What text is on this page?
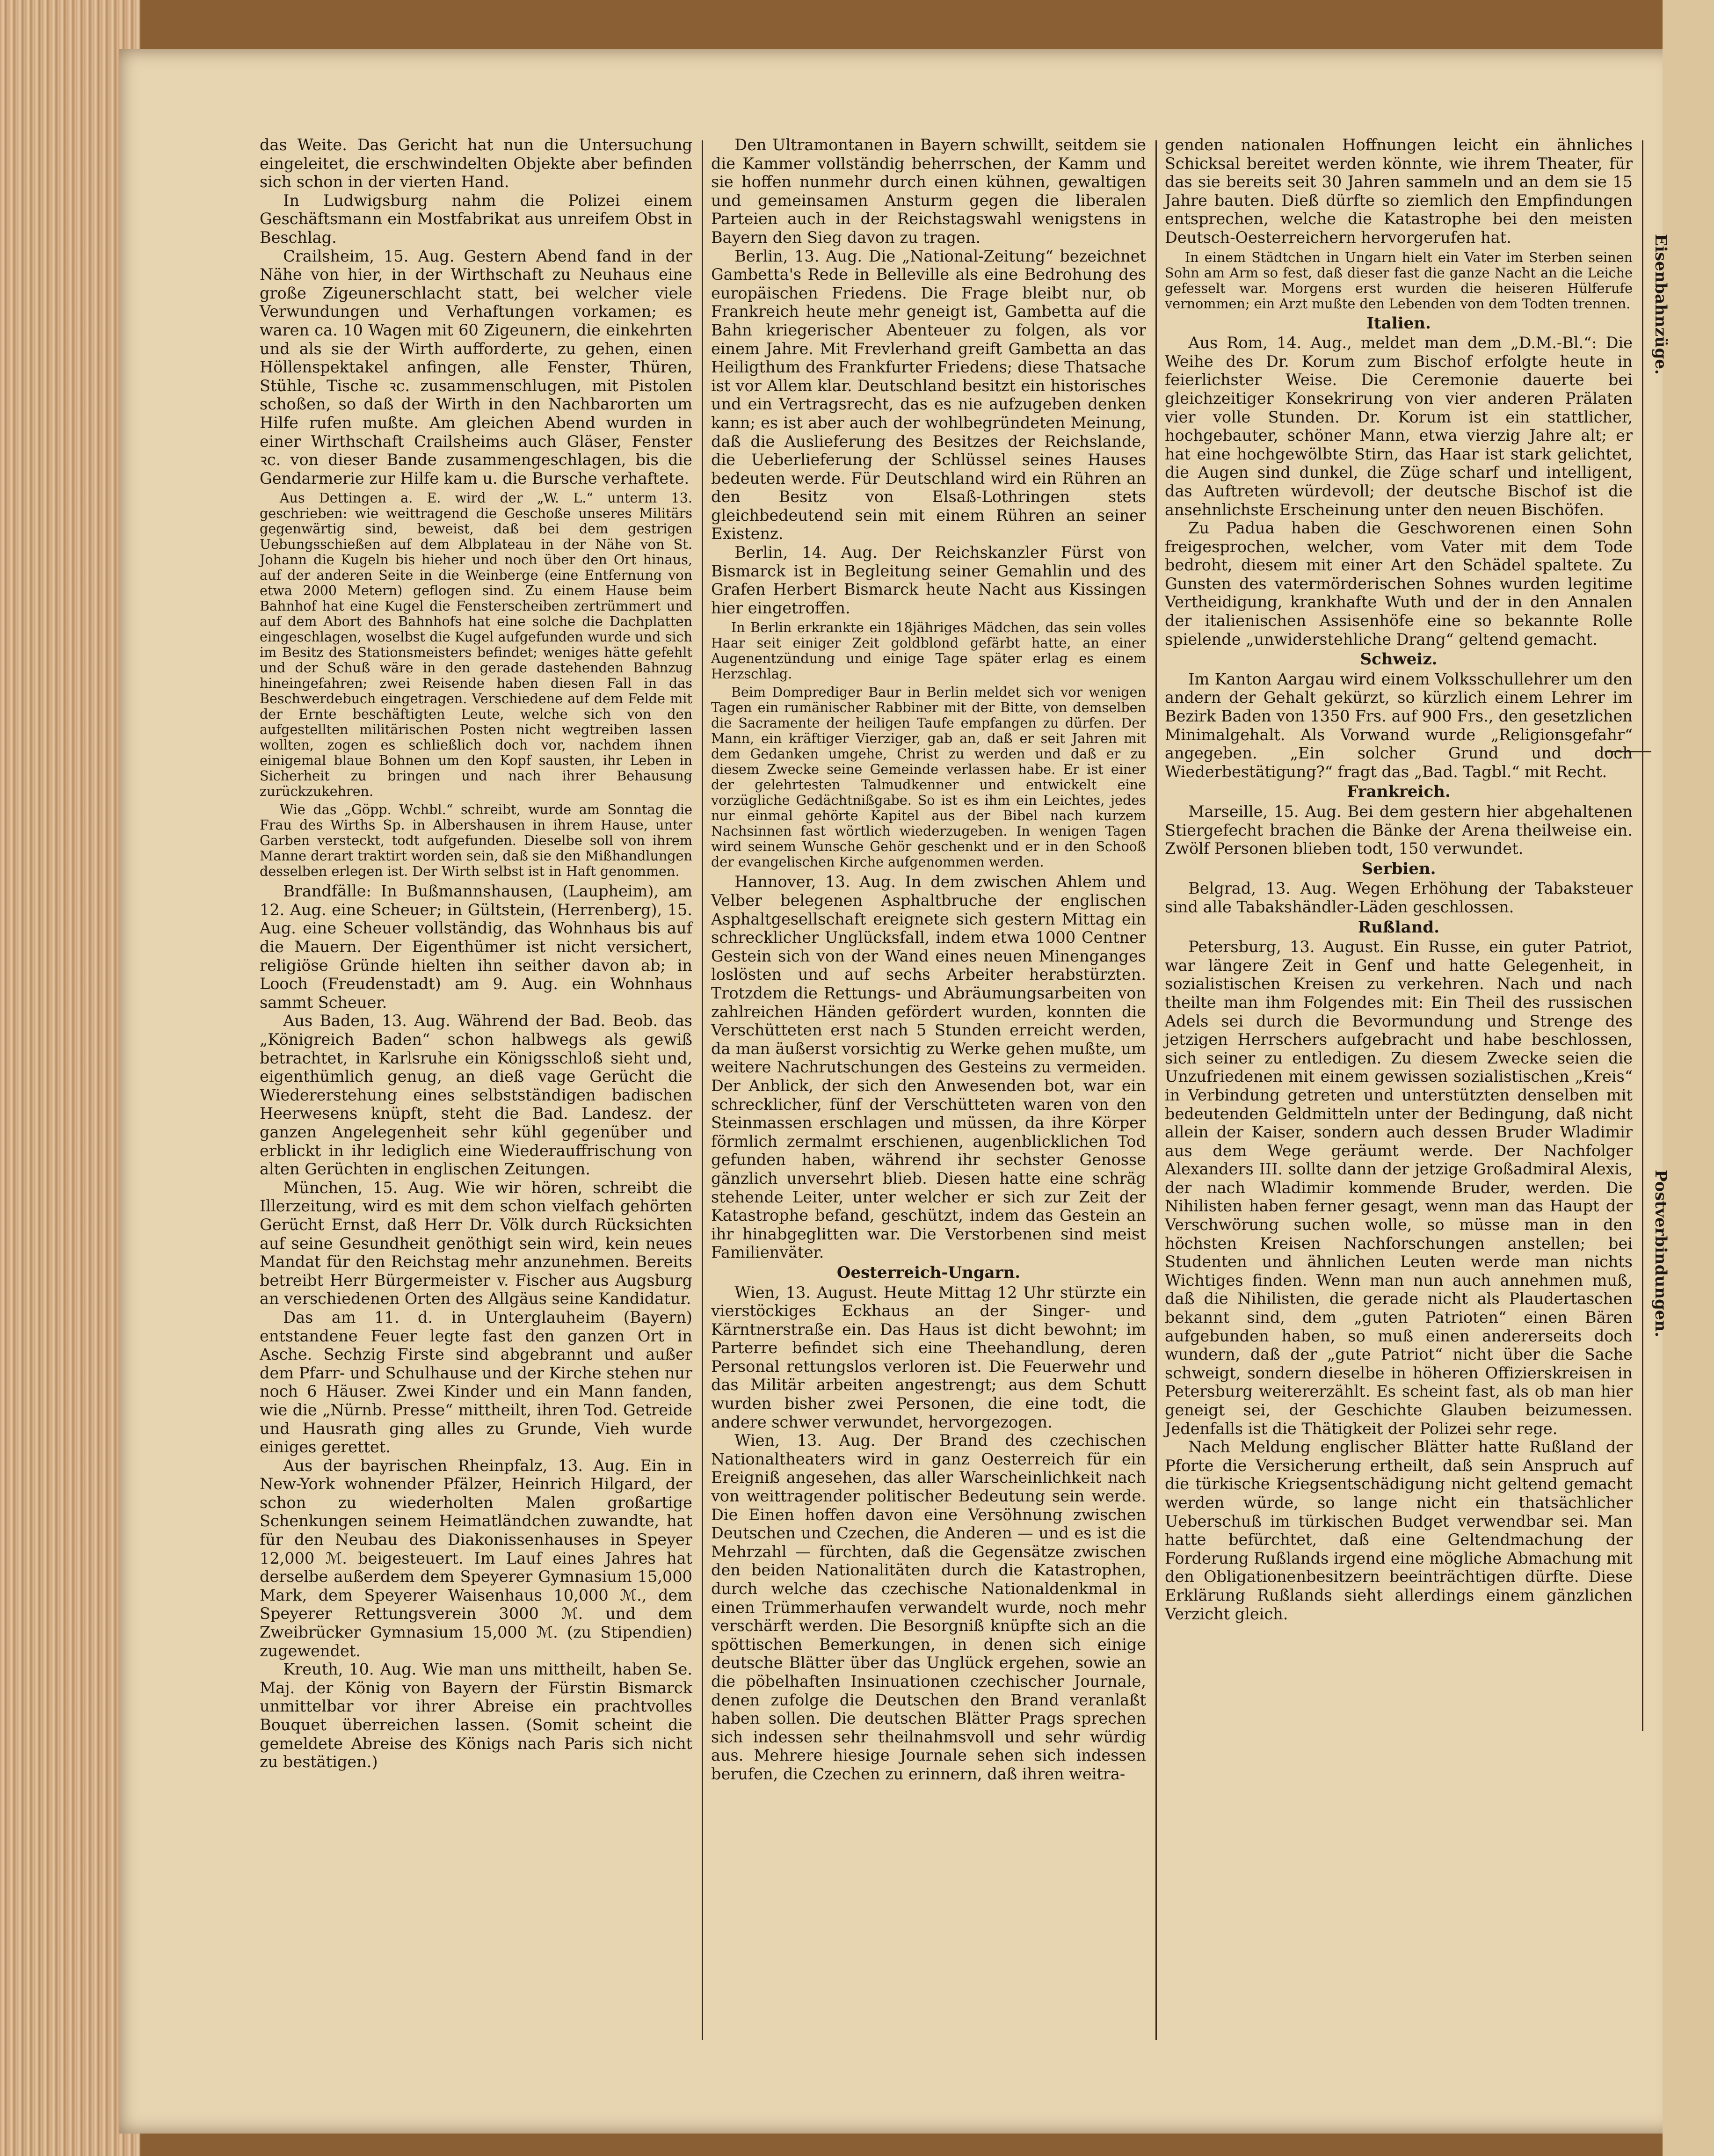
das Weite. Das Gericht hat nun die Untersuchung eingeleitet, die erschwindelten Objekte aber befinden sich schon in der vierten Hand.

In Ludwigsburg nahm die Polizei einem Geschäftsmann ein Mostfabrikat aus unreifem Obst in Beschlag.

Crailsheim, 15. Aug. Gestern Abend fand in der Nähe von hier, in der Wirthschaft zu Neuhaus eine große Zigeunerschlacht statt, bei welcher viele Verwundungen und Verhaftungen vorkamen; es waren ca. 10 Wagen mit 60 Zigeunern, die einkehrten und als sie der Wirth aufforderte, zu gehen, einen Höllenspektakel anfingen, alle Fenster, Thüren, Stühle, Tische ꝛc. zusammenschlugen, mit Pistolen schoßen, so daß der Wirth in den Nachbarorten um Hilfe rufen mußte. Am gleichen Abend wurden in einer Wirthschaft Crailsheims auch Gläser, Fenster ꝛc. von dieser Bande zusammengeschlagen, bis die Gendarmerie zur Hilfe kam u. die Bursche verhaftete.

Aus Dettingen a. E. wird der „W. L.“ unterm 13. geschrieben: wie weittragend die Geschoße unseres Militärs gegenwärtig sind, beweist, daß bei dem gestrigen Uebungsschießen auf dem Albplateau in der Nähe von St. Johann die Kugeln bis hieher und noch über den Ort hinaus, auf der anderen Seite in die Weinberge (eine Entfernung von etwa 2000 Metern) geflogen sind. Zu einem Hause beim Bahnhof hat eine Kugel die Fensterscheiben zertrümmert und auf dem Abort des Bahnhofs hat eine solche die Dachplatten eingeschlagen, woselbst die Kugel aufgefunden wurde und sich im Besitz des Stationsmeisters befindet; weniges hätte gefehlt und der Schuß wäre in den gerade dastehenden Bahnzug hineingefahren; zwei Reisende haben diesen Fall in das Beschwerdebuch eingetragen. Verschiedene auf dem Felde mit der Ernte beschäftigten Leute, welche sich von den aufgestellten militärischen Posten nicht wegtreiben lassen wollten, zogen es schließlich doch vor, nachdem ihnen einigemal blaue Bohnen um den Kopf sausten, ihr Leben in Sicherheit zu bringen und nach ihrer Behausung zurückzukehren.

Wie das „Göpp. Wchbl.“ schreibt, wurde am Sonntag die Frau des Wirths Sp. in Albershausen in ihrem Hause, unter Garben versteckt, todt aufgefunden. Dieselbe soll von ihrem Manne derart traktirt worden sein, daß sie den Mißhandlungen desselben erlegen ist. Der Wirth selbst ist in Haft genommen.

Brandfälle: In Bußmannshausen, (Laupheim), am 12. Aug. eine Scheuer; in Gültstein, (Herrenberg), 15. Aug. eine Scheuer vollständig, das Wohnhaus bis auf die Mauern. Der Eigenthümer ist nicht versichert, religiöse Gründe hielten ihn seither davon ab; in Looch (Freudenstadt) am 9. Aug. ein Wohnhaus sammt Scheuer.

Aus Baden, 13. Aug. Während der Bad. Beob. das „Königreich Baden“ schon halbwegs als gewiß betrachtet, in Karlsruhe ein Königsschloß sieht und, eigenthümlich genug, an dieß vage Gerücht die Wiedererstehung eines selbstständigen badischen Heerwesens knüpft, steht die Bad. Landesz. der ganzen Angelegenheit sehr kühl gegenüber und erblickt in ihr lediglich eine Wiederauffrischung von alten Gerüchten in englischen Zeitungen.

München, 15. Aug. Wie wir hören, schreibt die Illerzeitung, wird es mit dem schon vielfach gehörten Gerücht Ernst, daß Herr Dr. Völk durch Rücksichten auf seine Gesundheit genöthigt sein wird, kein neues Mandat für den Reichstag mehr anzunehmen. Bereits betreibt Herr Bürgermeister v. Fischer aus Augsburg an verschiedenen Orten des Allgäus seine Kandidatur.

Das am 11. d. in Unterglauheim (Bayern) entstandene Feuer legte fast den ganzen Ort in Asche. Sechzig Firste sind abgebrannt und außer dem Pfarr- und Schulhause und der Kirche stehen nur noch 6 Häuser. Zwei Kinder und ein Mann fanden, wie die „Nürnb. Presse“ mittheilt, ihren Tod. Getreide und Hausrath ging alles zu Grunde, Vieh wurde einiges gerettet.

Aus der bayrischen Rheinpfalz, 13. Aug. Ein in New-York wohnender Pfälzer, Heinrich Hilgard, der schon zu wiederholten Malen großartige Schenkungen seinem Heimatländchen zuwandte, hat für den Neubau des Diakonissenhauses in Speyer 12,000 ℳ. beigesteuert. Im Lauf eines Jahres hat derselbe außerdem dem Speyerer Gymnasium 15,000 Mark, dem Speyerer Waisenhaus 10,000 ℳ., dem Speyerer Rettungsverein 3000 ℳ. und dem Zweibrücker Gymnasium 15,000 ℳ. (zu Stipendien) zugewendet.

Kreuth, 10. Aug. Wie man uns mittheilt, haben Se. Maj. der König von Bayern der Fürstin Bismarck unmittelbar vor ihrer Abreise ein prachtvolles Bouquet überreichen lassen. (Somit scheint die gemeldete Abreise des Königs nach Paris sich nicht zu bestätigen.)

Den Ultramontanen in Bayern schwillt, seitdem sie die Kammer vollständig beherrschen, der Kamm und sie hoffen nunmehr durch einen kühnen, gewaltigen und gemeinsamen Ansturm gegen die liberalen Parteien auch in der Reichstagswahl wenigstens in Bayern den Sieg davon zu tragen.

Berlin, 13. Aug. Die „National-Zeitung“ bezeichnet Gambetta's Rede in Belleville als eine Bedrohung des europäischen Friedens. Die Frage bleibt nur, ob Frankreich heute mehr geneigt ist, Gambetta auf die Bahn kriegerischer Abenteuer zu folgen, als vor einem Jahre. Mit Frevlerhand greift Gambetta an das Heiligthum des Frankfurter Friedens; diese Thatsache ist vor Allem klar. Deutschland besitzt ein historisches und ein Vertragsrecht, das es nie aufzugeben denken kann; es ist aber auch der wohlbegründeten Meinung, daß die Auslieferung des Besitzes der Reichslande, die Ueberlieferung der Schlüssel seines Hauses bedeuten werde. Für Deutschland wird ein Rühren an den Besitz von Elsaß-Lothringen stets gleichbedeutend sein mit einem Rühren an seiner Existenz.

Berlin, 14. Aug. Der Reichskanzler Fürst von Bismarck ist in Begleitung seiner Gemahlin und des Grafen Herbert Bismarck heute Nacht aus Kissingen hier eingetroffen.

In Berlin erkrankte ein 18jähriges Mädchen, das sein volles Haar seit einiger Zeit goldblond gefärbt hatte, an einer Augenentzündung und einige Tage später erlag es einem Herzschlag.

Beim Domprediger Baur in Berlin meldet sich vor wenigen Tagen ein rumänischer Rabbiner mit der Bitte, von demselben die Sacramente der heiligen Taufe empfangen zu dürfen. Der Mann, ein kräftiger Vierziger, gab an, daß er seit Jahren mit dem Gedanken umgehe, Christ zu werden und daß er zu diesem Zwecke seine Gemeinde verlassen habe. Er ist einer der gelehrtesten Talmudkenner und entwickelt eine vorzügliche Gedächtnißgabe. So ist es ihm ein Leichtes, jedes nur einmal gehörte Kapitel aus der Bibel nach kurzem Nachsinnen fast wörtlich wiederzugeben. In wenigen Tagen wird seinem Wunsche Gehör geschenkt und er in den Schooß der evangelischen Kirche aufgenommen werden.

Hannover, 13. Aug. In dem zwischen Ahlem und Velber belegenen Asphaltbruche der englischen Asphaltgesellschaft ereignete sich gestern Mittag ein schrecklicher Unglücksfall, indem etwa 1000 Centner Gestein sich von der Wand eines neuen Minenganges loslösten und auf sechs Arbeiter herabstürzten. Trotzdem die Rettungs- und Abräumungsarbeiten von zahlreichen Händen gefördert wurden, konnten die Verschütteten erst nach 5 Stunden erreicht werden, da man äußerst vorsichtig zu Werke gehen mußte, um weitere Nachrutschungen des Gesteins zu vermeiden. Der Anblick, der sich den Anwesenden bot, war ein schrecklicher, fünf der Verschütteten waren von den Steinmassen erschlagen und müssen, da ihre Körper förmlich zermalmt erschienen, augenblicklichen Tod gefunden haben, während ihr sechster Genosse gänzlich unversehrt blieb. Diesen hatte eine schräg stehende Leiter, unter welcher er sich zur Zeit der Katastrophe befand, geschützt, indem das Gestein an ihr hinabgeglitten war. Die Verstorbenen sind meist Familienväter.

Oesterreich-Ungarn.

Wien, 13. August. Heute Mittag 12 Uhr stürzte ein vierstöckiges Eckhaus an der Singer- und Kärntnerstraße ein. Das Haus ist dicht bewohnt; im Parterre befindet sich eine Theehandlung, deren Personal rettungslos verloren ist. Die Feuerwehr und das Militär arbeiten angestrengt; aus dem Schutt wurden bisher zwei Personen, die eine todt, die andere schwer verwundet, hervorgezogen.

Wien, 13. Aug. Der Brand des czechischen Nationaltheaters wird in ganz Oesterreich für ein Ereigniß angesehen, das aller Warscheinlichkeit nach von weittragender politischer Bedeutung sein werde. Die Einen hoffen davon eine Versöhnung zwischen Deutschen und Czechen, die Anderen — und es ist die Mehrzahl — fürchten, daß die Gegensätze zwischen den beiden Nationalitäten durch die Katastrophen, durch welche das czechische Nationaldenkmal in einen Trümmerhaufen verwandelt wurde, noch mehr verschärft werden. Die Besorgniß knüpfte sich an die spöttischen Bemerkungen, in denen sich einige deutsche Blätter über das Unglück ergehen, sowie an die pöbelhaften Insinuationen czechischer Journale, denen zufolge die Deutschen den Brand veranlaßt haben sollen. Die deutschen Blätter Prags sprechen sich indessen sehr theilnahmsvoll und sehr würdig aus. Mehrere hiesige Journale sehen sich indessen berufen, die Czechen zu erinnern, daß ihren weitra-

genden nationalen Hoffnungen leicht ein ähnliches Schicksal bereitet werden könnte, wie ihrem Theater, für das sie bereits seit 30 Jahren sammeln und an dem sie 15 Jahre bauten. Dieß dürfte so ziemlich den Empfindungen entsprechen, welche die Katastrophe bei den meisten Deutsch-Oesterreichern hervorgerufen hat.

In einem Städtchen in Ungarn hielt ein Vater im Sterben seinen Sohn am Arm so fest, daß dieser fast die ganze Nacht an die Leiche gefesselt war. Morgens erst wurden die heiseren Hülferufe vernommen; ein Arzt mußte den Lebenden von dem Todten trennen.

Italien.

Aus Rom, 14. Aug., meldet man dem „D.M.-Bl.“: Die Weihe des Dr. Korum zum Bischof erfolgte heute in feierlichster Weise. Die Ceremonie dauerte bei gleichzeitiger Konsekrirung von vier anderen Prälaten vier volle Stunden. Dr. Korum ist ein stattlicher, hochgebauter, schöner Mann, etwa vierzig Jahre alt; er hat eine hochgewölbte Stirn, das Haar ist stark gelichtet, die Augen sind dunkel, die Züge scharf und intelligent, das Auftreten würdevoll; der deutsche Bischof ist die ansehnlichste Erscheinung unter den neuen Bischöfen.

Zu Padua haben die Geschworenen einen Sohn freigesprochen, welcher, vom Vater mit dem Tode bedroht, diesem mit einer Art den Schädel spaltete. Zu Gunsten des vatermörderischen Sohnes wurden legitime Vertheidigung, krankhafte Wuth und der in den Annalen der italienischen Assisenhöfe eine so bekannte Rolle spielende „unwiderstehliche Drang“ geltend gemacht.

Schweiz.

Im Kanton Aargau wird einem Volksschullehrer um den andern der Gehalt gekürzt, so kürzlich einem Lehrer im Bezirk Baden von 1350 Frs. auf 900 Frs., den gesetzlichen Minimalgehalt. Als Vorwand wurde „Religionsgefahr“ angegeben. „Ein solcher Grund und doch Wiederbestätigung?“ fragt das „Bad. Tagbl.“ mit Recht.

Frankreich.

Marseille, 15. Aug. Bei dem gestern hier abgehaltenen Stiergefecht brachen die Bänke der Arena theilweise ein. Zwölf Personen blieben todt, 150 verwundet.

Serbien.

Belgrad, 13. Aug. Wegen Erhöhung der Tabaksteuer sind alle Tabakshändler-Läden geschlossen.

Rußland.

Petersburg, 13. August. Ein Russe, ein guter Patriot, war längere Zeit in Genf und hatte Gelegenheit, in sozialistischen Kreisen zu verkehren. Nach und nach theilte man ihm Folgendes mit: Ein Theil des russischen Adels sei durch die Bevormundung und Strenge des jetzigen Herrschers aufgebracht und habe beschlossen, sich seiner zu entledigen. Zu diesem Zwecke seien die Unzufriedenen mit einem gewissen sozialistischen „Kreis“ in Verbindung getreten und unterstützten denselben mit bedeutenden Geldmitteln unter der Bedingung, daß nicht allein der Kaiser, sondern auch dessen Bruder Wladimir aus dem Wege geräumt werde. Der Nachfolger Alexanders III. sollte dann der jetzige Großadmiral Alexis, der nach Wladimir kommende Bruder, werden. Die Nihilisten haben ferner gesagt, wenn man das Haupt der Verschwörung suchen wolle, so müsse man in den höchsten Kreisen Nachforschungen anstellen; bei Studenten und ähnlichen Leuten werde man nichts Wichtiges finden. Wenn man nun auch annehmen muß, daß die Nihilisten, die gerade nicht als Plaudertaschen bekannt sind, dem „guten Patrioten“ einen Bären aufgebunden haben, so muß einen andererseits doch wundern, daß der „gute Patriot“ nicht über die Sache schweigt, sondern dieselbe in höheren Offizierskreisen in Petersburg weitererzählt. Es scheint fast, als ob man hier geneigt sei, der Geschichte Glauben beizumessen. Jedenfalls ist die Thätigkeit der Polizei sehr rege.

Nach Meldung englischer Blätter hatte Rußland der Pforte die Versicherung ertheilt, daß sein Anspruch auf die türkische Kriegsentschädigung nicht geltend gemacht werden würde, so lange nicht ein thatsächlicher Ueberschuß im türkischen Budget verwendbar sei. Man hatte befürchtet, daß eine Geltendmachung der Forderung Rußlands irgend eine mögliche Abmachung mit den Obligationenbesitzern beeinträchtigen dürfte. Diese Erklärung Rußlands sieht allerdings einem gänzlichen Verzicht gleich.

Eisenbahnzüge.
Postverbindungen.
